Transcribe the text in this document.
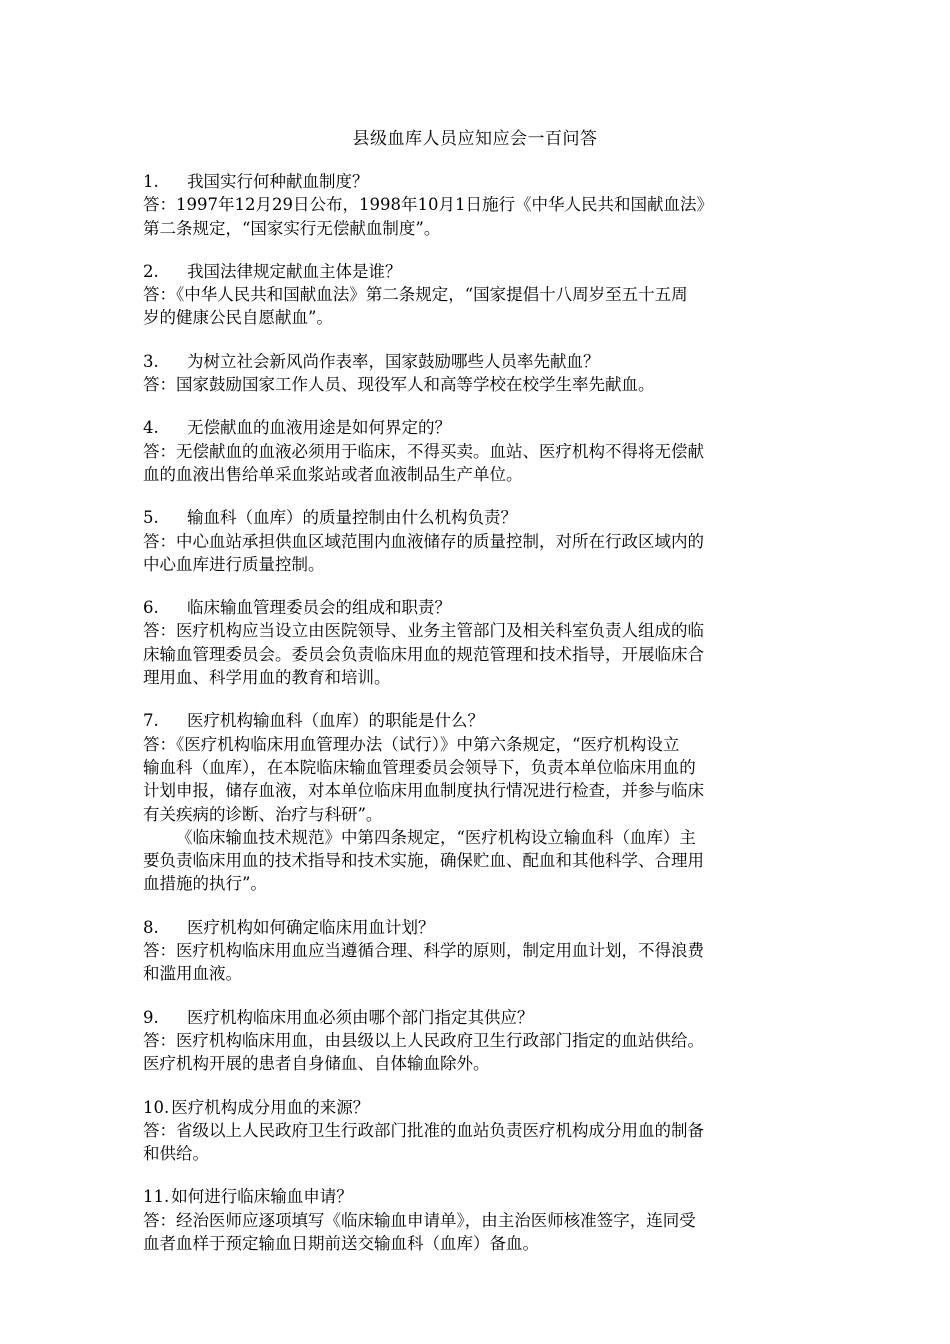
县级血库人员应知应会一百问答
1. 我国实行何种献血制度？
答：1997年12月29日公布，1998年10月1日施行《中华人民共和国献血法》
第二条规定，“国家实行无偿献血制度”。
2. 我国法律规定献血主体是谁？
答：《中华人民共和国献血法》第二条规定，“国家提倡十八周岁至五十五周
岁的健康公民自愿献血”。
3. 为树立社会新风尚作表率，国家鼓励哪些人员率先献血？
答：国家鼓励国家工作人员、现役军人和高等学校在校学生率先献血。
4. 无偿献血的血液用途是如何界定的？
答：无偿献血的血液必须用于临床，不得买卖。血站、医疗机构不得将无偿献
血的血液出售给单采血浆站或者血液制品生产单位。
5. 输血科（血库）的质量控制由什么机构负责？
答：中心血站承担供血区域范围内血液储存的质量控制，对所在行政区域内的
中心血库进行质量控制。
6. 临床输血管理委员会的组成和职责？
答：医疗机构应当设立由医院领导、业务主管部门及相关科室负责人组成的临
床输血管理委员会。委员会负责临床用血的规范管理和技术指导，开展临床合
理用血、科学用血的教育和培训。
7. 医疗机构输血科（血库）的职能是什么？
答：《医疗机构临床用血管理办法（试行）》中第六条规定，“医疗机构设立
输血科（血库），在本院临床输血管理委员会领导下，负责本单位临床用血的
计划申报，储存血液，对本单位临床用血制度执行情况进行检查，并参与临床
有关疾病的诊断、治疗与科研”。
《临床输血技术规范》中第四条规定，“医疗机构设立输血科（血库）主
要负责临床用血的技术指导和技术实施，确保贮血、配血和其他科学、合理用
血措施的执行”。
8. 医疗机构如何确定临床用血计划？
答：医疗机构临床用血应当遵循合理、科学的原则，制定用血计划，不得浪费
和滥用血液。
9. 医疗机构临床用血必须由哪个部门指定其供应？
答：医疗机构临床用血，由县级以上人民政府卫生行政部门指定的血站供给。
医疗机构开展的患者自身储血、自体输血除外。
10. 医疗机构成分用血的来源？
答：省级以上人民政府卫生行政部门批准的血站负责医疗机构成分用血的制备
和供给。
11. 如何进行临床输血申请？
答：经治医师应逐项填写《临床输血申请单》，由主治医师核准签字，连同受
血者血样于预定输血日期前送交输血科（血库）备血。
